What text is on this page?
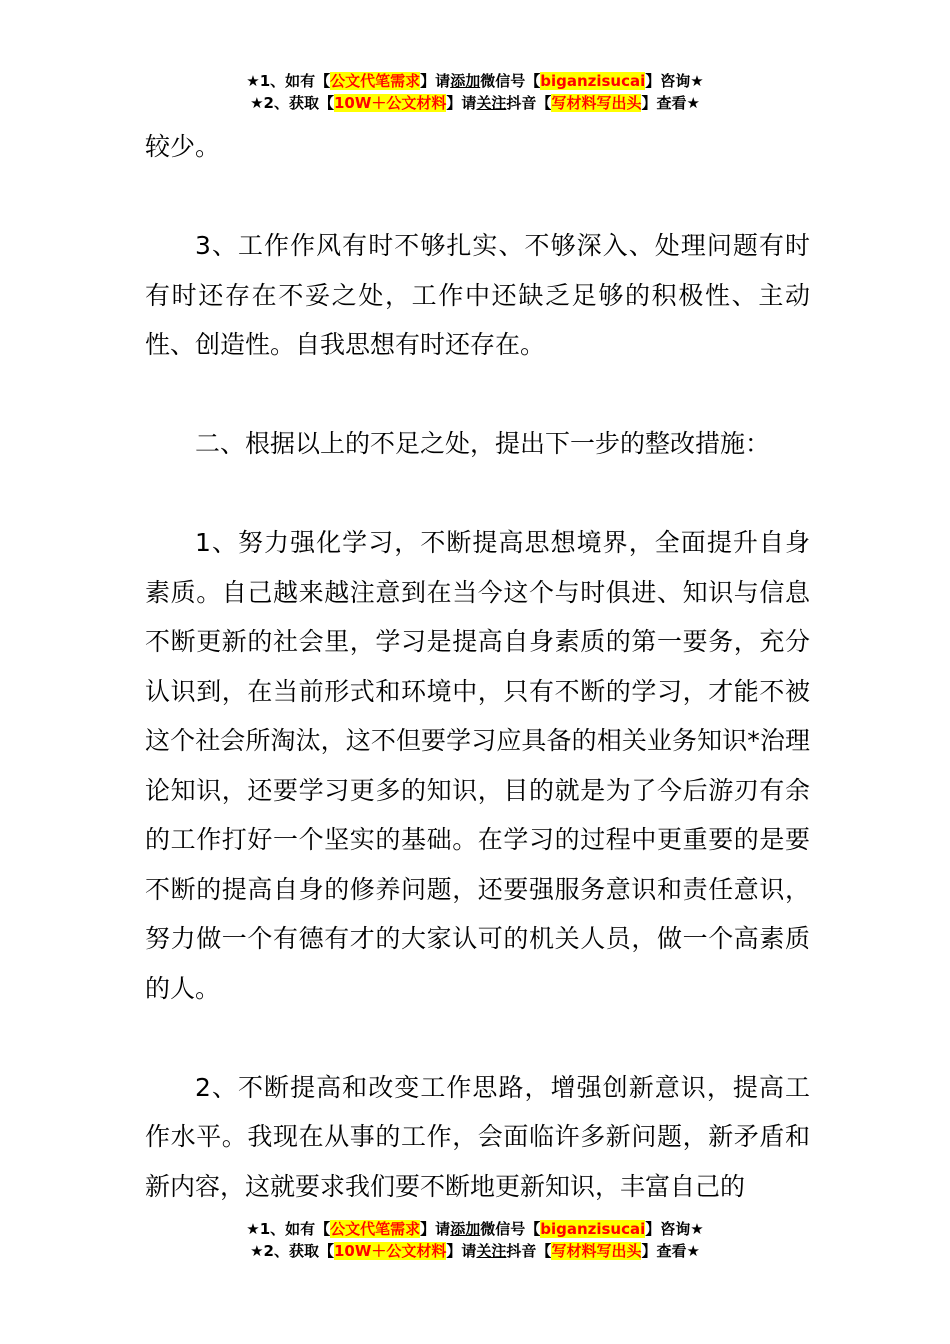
★1、如有【公文代笔需求】请添加微信号【biganzisucai】咨询★
★2、获取【10W＋公文材料】请关注抖音【写材料写出头】查看★

较少。

3、工作作风有时不够扎实、不够深入、处理问题有时有时还存在不妥之处，工作中还缺乏足够的积极性、主动性、创造性。自我思想有时还存在。

二、根据以上的不足之处，提出下一步的整改措施：

1、努力强化学习，不断提高思想境界，全面提升自身素质。自己越来越注意到在当今这个与时俱进、知识与信息不断更新的社会里，学习是提高自身素质的第一要务，充分认识到，在当前形式和环境中，只有不断的学习，才能不被这个社会所淘汰，这不但要学习应具备的相关业务知识*治理论知识，还要学习更多的知识，目的就是为了今后游刃有余的工作打好一个坚实的基础。在学习的过程中更重要的是要不断的提高自身的修养问题，还要强服务意识和责任意识，努力做一个有德有才的大家认可的机关人员，做一个高素质的人。

2、不断提高和改变工作思路，增强创新意识，提高工作水平。我现在从事的工作，会面临许多新问题，新矛盾和新内容，这就要求我们要不断地更新知识，丰富自己的

★1、如有【公文代笔需求】请添加微信号【biganzisucai】咨询★
★2、获取【10W＋公文材料】请关注抖音【写材料写出头】查看★
